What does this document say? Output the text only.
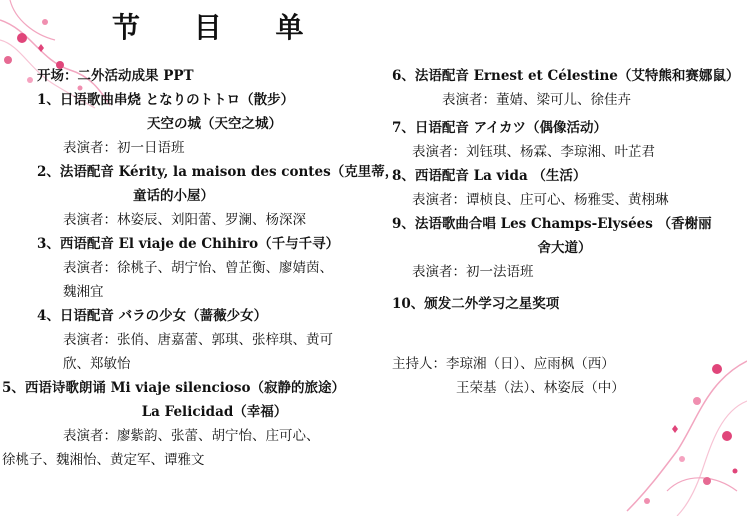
节 目 单
开场：二外活动成果 PPT
1、日语歌曲串烧 となりのトトロ（散步）
天空の城（天空之城）
表演者：初一日语班
2、法语配音 Kérity, la maison des contes（克里蒂，
童话的小屋）
表演者：林姿辰、刘阳蕾、罗澜、杨深深
3、西语配音 El viaje de Chihiro（千与千寻）
表演者：徐桃子、胡宁怡、曾芷衡、廖婧茵、
魏湘宜
4、日语配音 バラの少女（蔷薇少女）
表演者：张俏、唐嘉蕾、郭琪、张梓琪、黄可
欣、郑敏怡
5、西语诗歌朗诵 Mi viaje silencioso（寂静的旅途）
La Felicidad（幸福）
表演者：廖紫韵、张蕾、胡宁怡、庄可心、
徐桃子、魏湘怡、黄定军、谭雅文
6、法语配音 Ernest et Célestine（艾特熊和赛娜鼠）
表演者：董婧、梁可儿、徐佳卉
7、日语配音 アイカツ（偶像活动）
表演者：刘钰琪、杨霖、李琼湘、叶芷君
8、西语配音 La vida （生活）
表演者：谭桢良、庄可心、杨雅雯、黄栩琳
9、法语歌曲合唱 Les Champs-Elysées （香榭丽
舍大道）
表演者：初一法语班
10、颁发二外学习之星奖项
主持人：李琼湘（日）、应雨枫（西）
王荣基（法）、林姿辰（中）
